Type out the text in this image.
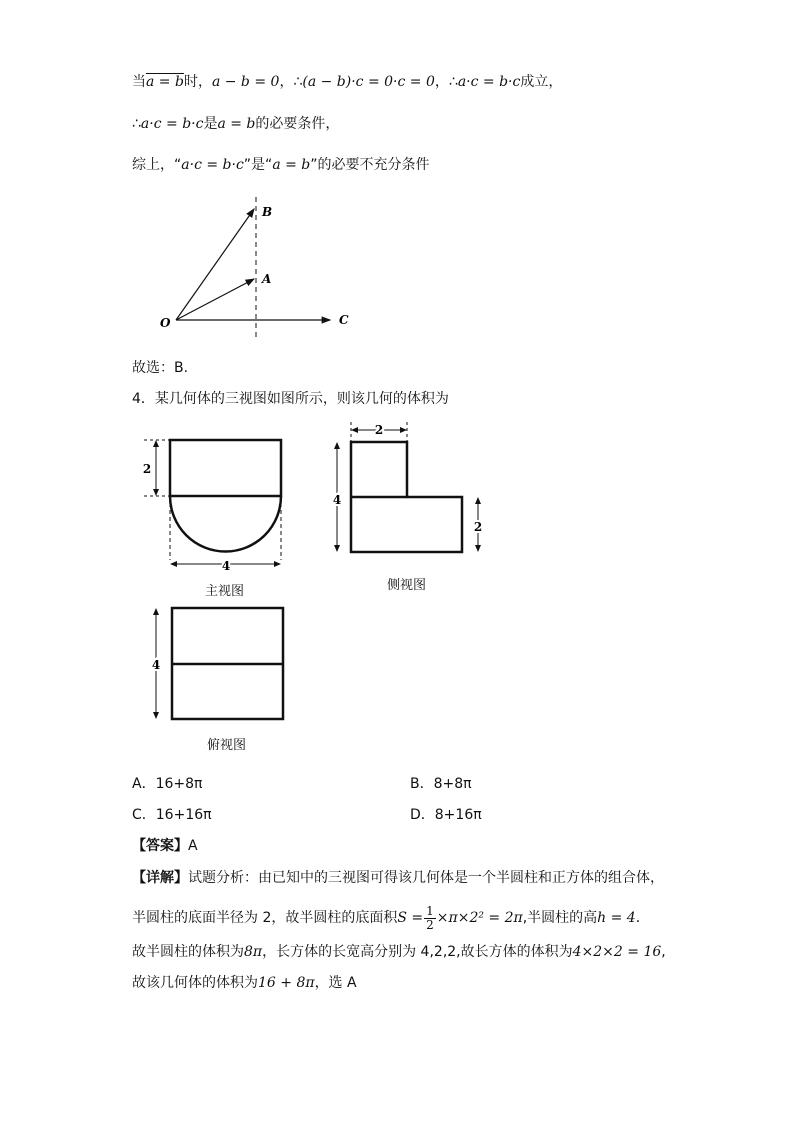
当a = b时，a − b = 0，∴(a − b)·c = 0·c = 0，∴a·c = b·c成立，
∴a·c = b·c是a = b的必要条件，
综上，“a·c = b·c”是“a = b”的必要不充分条件
O
A
B
C
故选：B.
4．某几何体的三视图如图所示，则该几何的体积为
2
4
主视图
2
4
2
侧视图
4
俯视图
A．16+8π	B．8+8π
C．16+16π	D．8+16π
【答案】A
【详解】试题分析：由已知中的三视图可得该几何体是一个半圆柱和正方体的组合体，
半圆柱的底面半径为 2，故半圆柱的底面积$S = \frac{1}{2} \times\pi\times 2^2 = 2\pi$,半圆柱的高h = 4．
故半圆柱的体积为8π，长方体的长宽高分别为 4,2,2,故长方体的体积为4×2×2 = 16,
故该几何体的体积为16 + 8π，选 A
